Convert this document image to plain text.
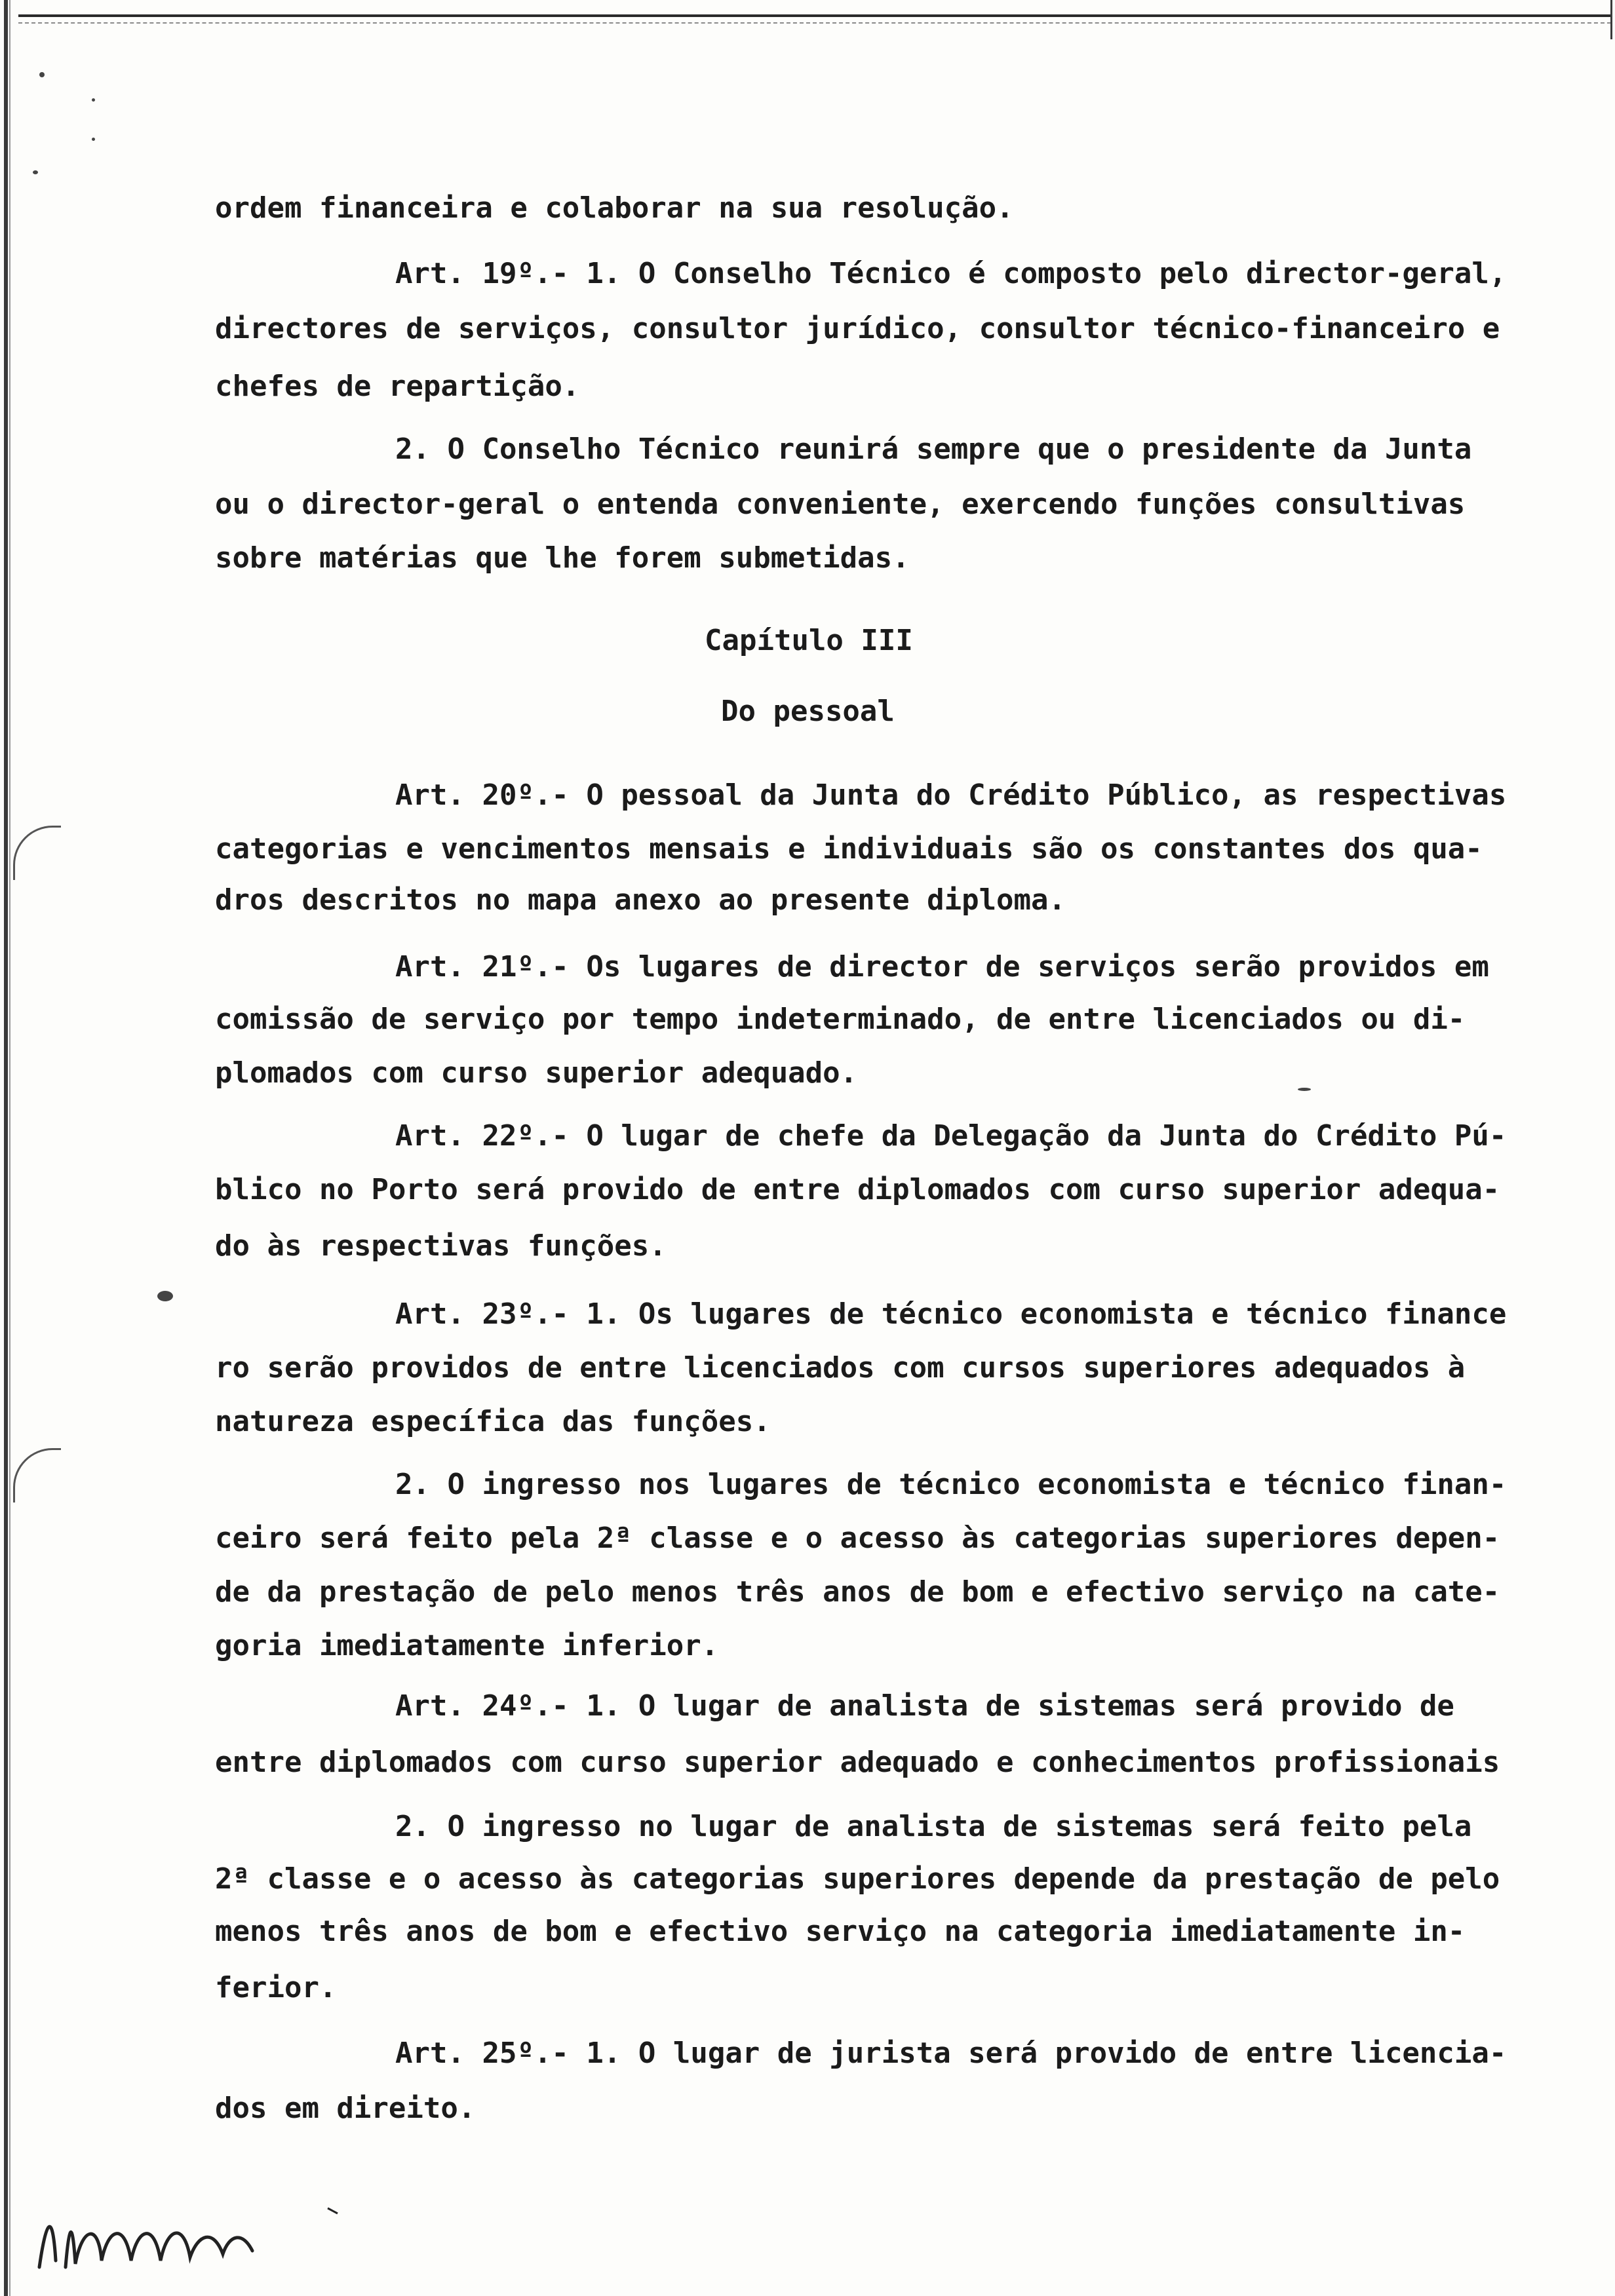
ordem financeira e colaborar na sua resolução.
Art. 19º.- 1. O Conselho Técnico é composto pelo director-geral,
directores de serviços, consultor jurídico, consultor técnico-financeiro e
chefes de repartição.
2. O Conselho Técnico reunirá sempre que o presidente da Junta
ou o director-geral o entenda conveniente, exercendo funções consultivas
sobre matérias que lhe forem submetidas.
Capítulo III
Do pessoal
Art. 20º.- O pessoal da Junta do Crédito Público, as respectivas
categorias e vencimentos mensais e individuais são os constantes dos qua-
dros descritos no mapa anexo ao presente diploma.
Art. 21º.- Os lugares de director de serviços serão providos em
comissão de serviço por tempo indeterminado, de entre licenciados ou di-
plomados com curso superior adequado.
Art. 22º.- O lugar de chefe da Delegação da Junta do Crédito Pú-
blico no Porto será provido de entre diplomados com curso superior adequa-
do às respectivas funções.
Art. 23º.- 1. Os lugares de técnico economista e técnico finance
ro serão providos de entre licenciados com cursos superiores adequados à
natureza específica das funções.
2. O ingresso nos lugares de técnico economista e técnico finan-
ceiro será feito pela 2ª classe e o acesso às categorias superiores depen-
de da prestação de pelo menos três anos de bom e efectivo serviço na cate-
goria imediatamente inferior.
Art. 24º.- 1. O lugar de analista de sistemas será provido de
entre diplomados com curso superior adequado e conhecimentos profissionais
2. O ingresso no lugar de analista de sistemas será feito pela
2ª classe e o acesso às categorias superiores depende da prestação de pelo
menos três anos de bom e efectivo serviço na categoria imediatamente in-
ferior.
Art. 25º.- 1. O lugar de jurista será provido de entre licencia-
dos em direito.
